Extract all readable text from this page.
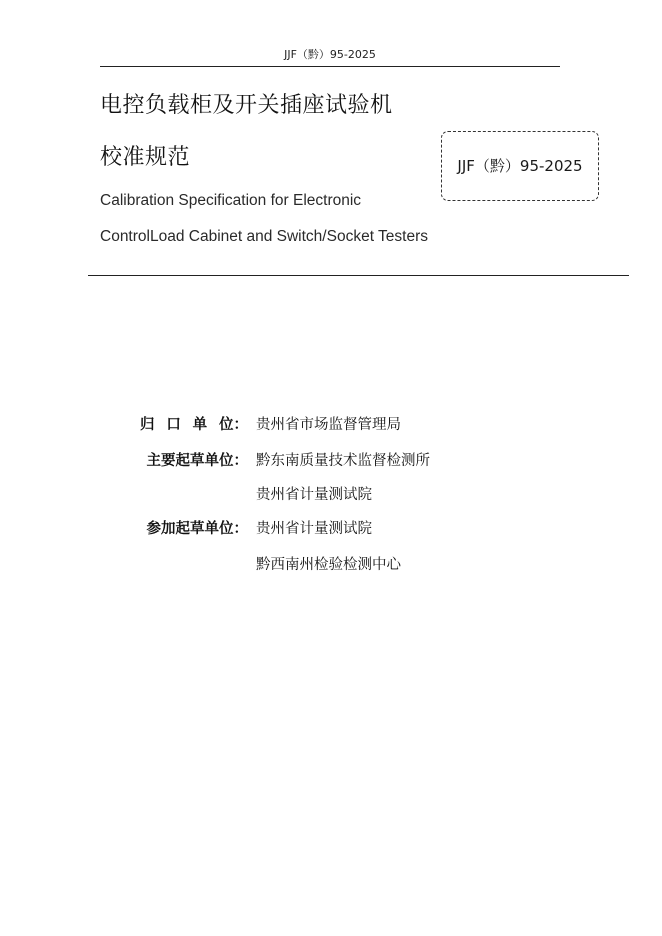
JJF（黔）95-2025
电控负载柜及开关插座试验机
校准规范
Calibration Specification for Electronic
ControlLoad Cabinet and Switch/Socket Testers
JJF（黔）95-2025
归 口 单 位： 贵州省市场监督管理局
主要起草单位： 黔东南质量技术监督检测所
贵州省计量测试院
参加起草单位： 贵州省计量测试院
黔西南州检验检测中心
